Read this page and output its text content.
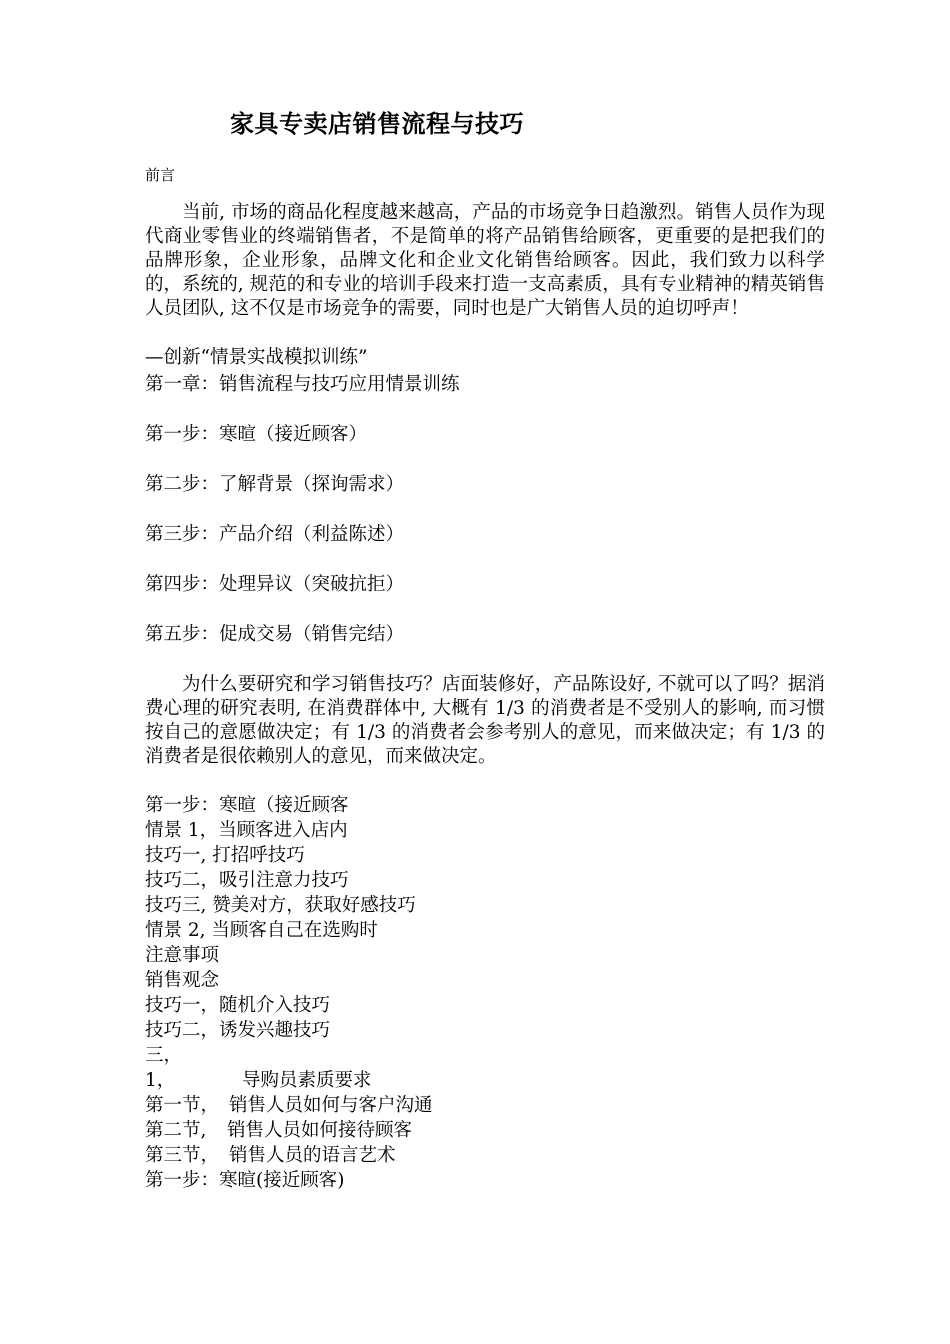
家具专卖店销售流程与技巧
前言

当前, 市场的商品化程度越来越高，产品的市场竞争日趋激烈。销售人员作为现代商业零售业的终端销售者，不是简单的将产品销售给顾客，更重要的是把我们的品牌形象，企业形象，品牌文化和企业文化销售给顾客。因此，我们致力以科学的，系统的, 规范的和专业的培训手段来打造一支高素质，具有专业精神的精英销售人员团队, 这不仅是市场竞争的需要，同时也是广大销售人员的迫切呼声！

—创新“情景实战模拟训练”
第一章：销售流程与技巧应用情景训练
第一步：寒暄（接近顾客）
第二步：了解背景（探询需求）
第三步：产品介绍（利益陈述）
第四步：处理异议（突破抗拒）
第五步：促成交易（销售完结）

为什么要研究和学习销售技巧？店面装修好，产品陈设好, 不就可以了吗？据消费心理的研究表明, 在消费群体中, 大概有 1/3 的消费者是不受别人的影响, 而习惯按自己的意愿做决定；有 1/3 的消费者会参考别人的意见，而来做决定；有 1/3 的消费者是很依赖别人的意见，而来做决定。

第一步：寒暄（接近顾客
情景 1，当顾客进入店内
技巧一, 打招呼技巧
技巧二，吸引注意力技巧
技巧三, 赞美对方，获取好感技巧
情景 2, 当顾客自己在选购时
注意事项
销售观念
技巧一，随机介入技巧
技巧二，诱发兴趣技巧
三，
1，	导购员素质要求
第一节， 销售人员如何与客户沟通
第二节, 销售人员如何接待顾客
第三节， 销售人员的语言艺术
第一步：寒暄(接近顾客)
